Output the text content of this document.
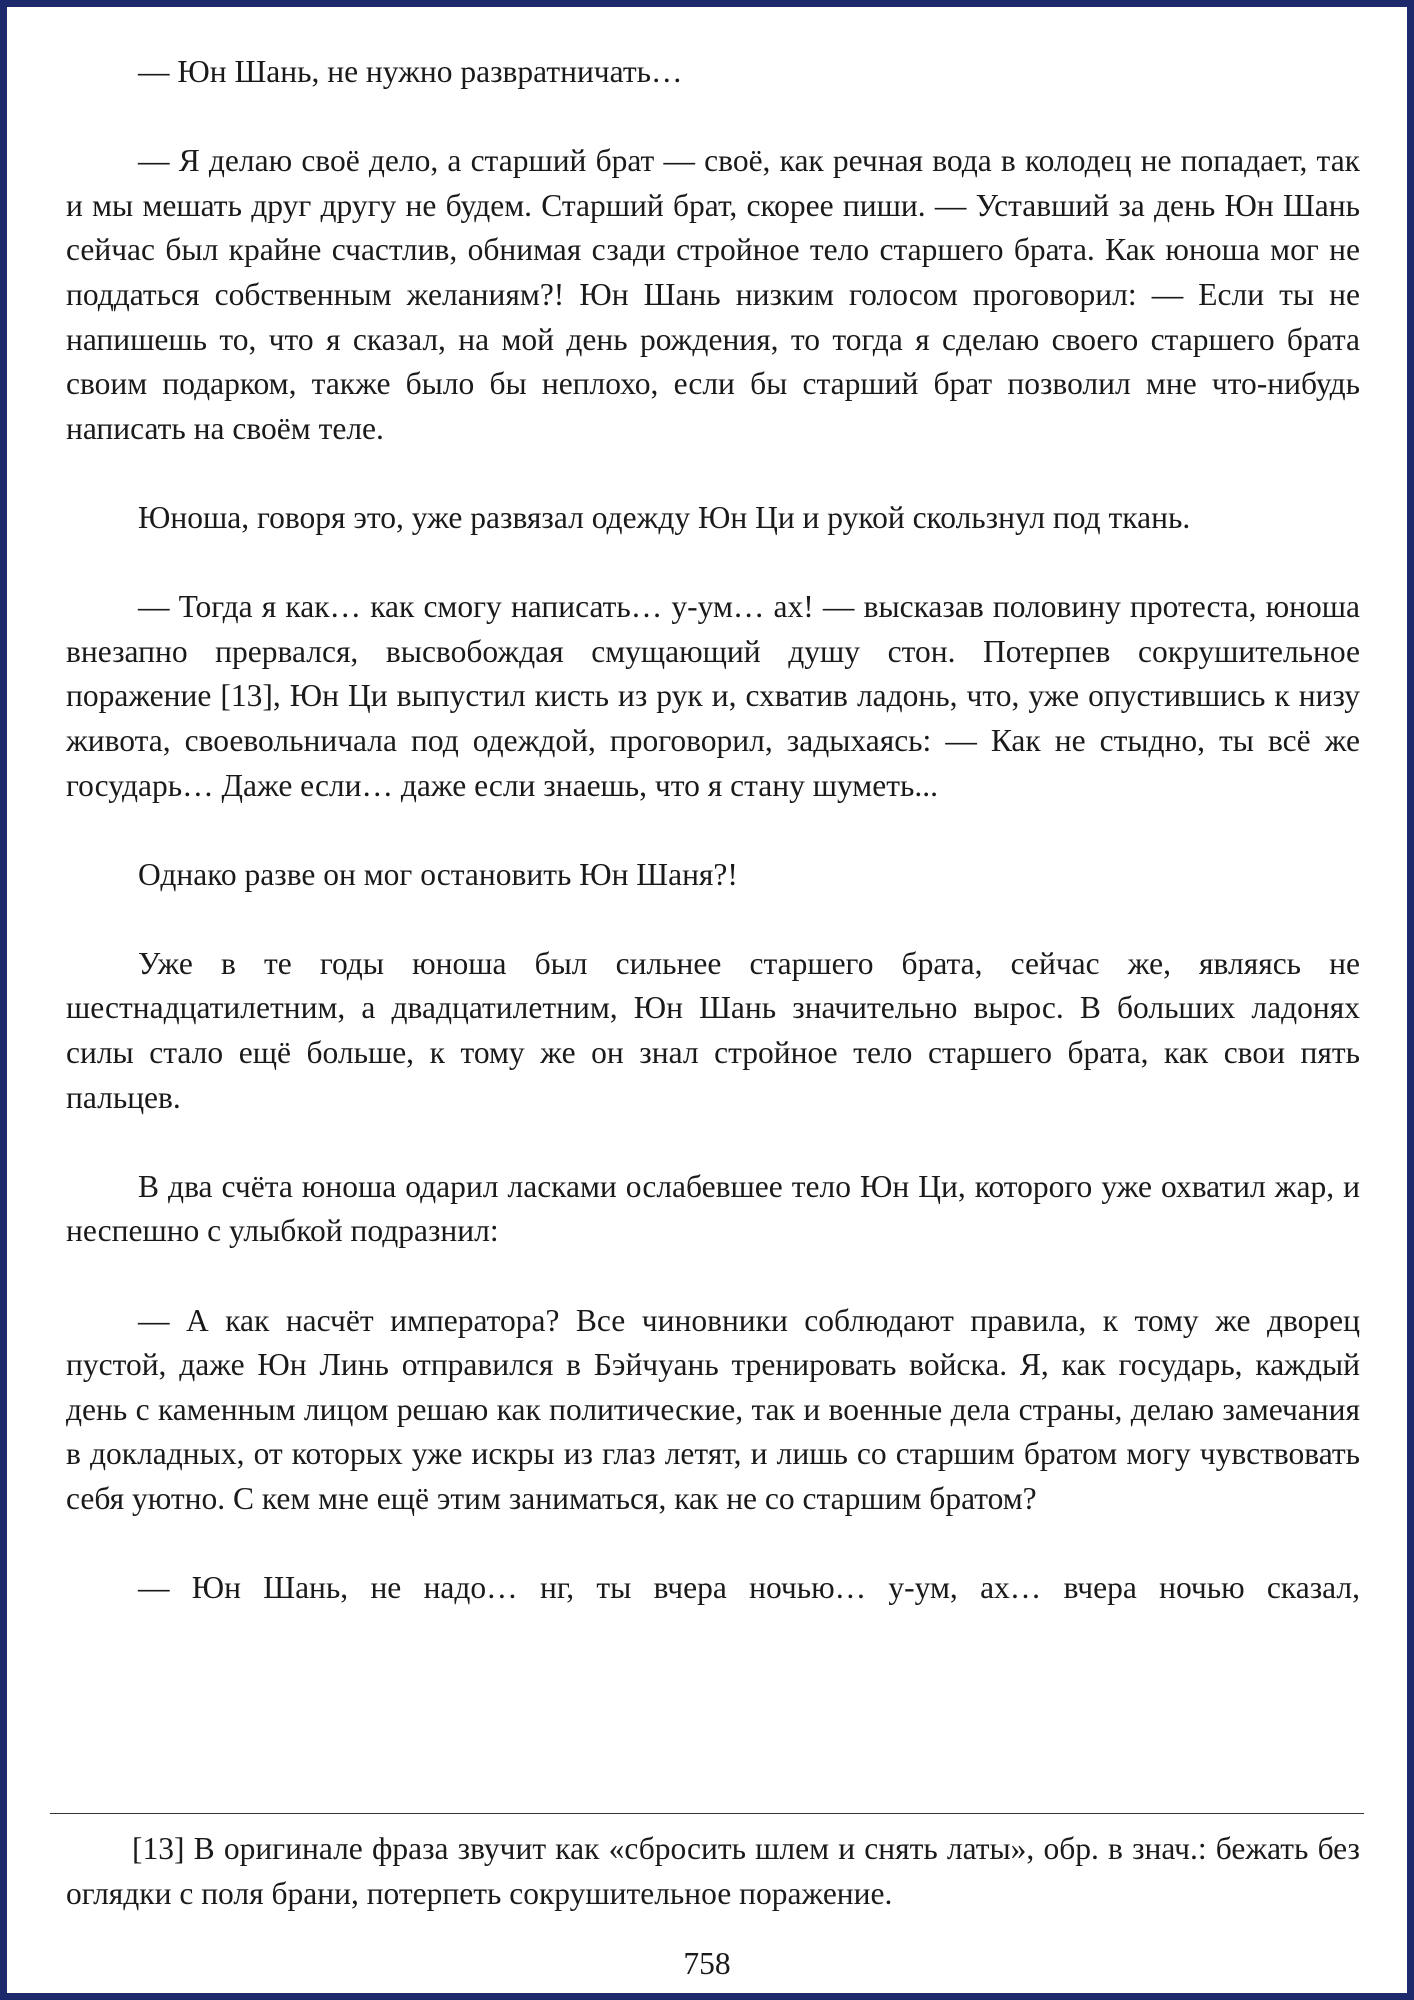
— Юн Шань, не нужно развратничать…

— Я делаю своё дело, а старший брат — своё, как речная вода в колодец не попадает, так и мы мешать друг другу не будем. Старший брат, скорее пиши. — Уставший за день Юн Шань сейчас был крайне счастлив, обнимая сзади стройное тело старшего брата. Как юноша мог не поддаться собственным желаниям?! Юн Шань низким голосом проговорил: — Если ты не напишешь то, что я сказал, на мой день рождения, то тогда я сделаю своего старшего брата своим подарком, также было бы неплохо, если бы старший брат позволил мне что-нибудь написать на своём теле.

Юноша, говоря это, уже развязал одежду Юн Ци и рукой скользнул под ткань.

— Тогда я как… как смогу написать… у-ум… ах! — высказав половину протеста, юноша внезапно прервался, высвобождая смущающий душу стон. Потерпев сокрушительное поражение [13], Юн Ци выпустил кисть из рук и, схватив ладонь, что, уже опустившись к низу живота, своевольничала под одеждой, проговорил, задыхаясь: — Как не стыдно, ты всё же государь… Даже если… даже если знаешь, что я стану шуметь...

Однако разве он мог остановить Юн Шаня?!

Уже в те годы юноша был сильнее старшего брата, сейчас же, являясь не шестнадцатилетним, а двадцатилетним, Юн Шань значительно вырос. В больших ладонях силы стало ещё больше, к тому же он знал стройное тело старшего брата, как свои пять пальцев.

В два счёта юноша одарил ласками ослабевшее тело Юн Ци, которого уже охватил жар, и неспешно с улыбкой подразнил:

— А как насчёт императора? Все чиновники соблюдают правила, к тому же дворец пустой, даже Юн Линь отправился в Бэйчуань тренировать войска. Я, как государь, каждый день с каменным лицом решаю как политические, так и военные дела страны, делаю замечания в докладных, от которых уже искры из глаз летят, и лишь со старшим братом могу чувствовать себя уютно. С кем мне ещё этим заниматься, как не со старшим братом?

— Юн Шань, не надо… нг, ты вчера ночью… у-ум, ах… вчера ночью сказал,

[13] В оригинале фраза звучит как «сбросить шлем и снять латы», обр. в знач.: бежать без оглядки с поля брани, потерпеть сокрушительное поражение.

758
